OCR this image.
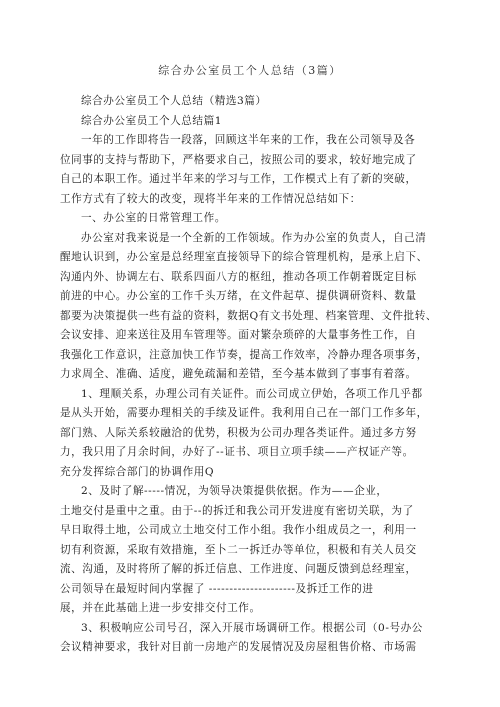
综合办公室员工个人总结（3篇）
综合办公室员工个人总结（精选3篇）
综合办公室员工个人总结篇1
一年的工作即将告一段落，回顾这半年来的工作，我在公司领导及各
位同事的支持与帮助下，严格要求自己，按照公司的要求，较好地完成了
自己的本职工作。通过半年来的学习与工作，工作模式上有了新的突破，
工作方式有了较大的改变，现将半年来的工作情况总结如下：
一、办公室的日常管理工作。
办公室对我来说是一个全新的工作领域。作为办公室的负责人，自己清
醒地认识到，办公室是总经理室直接领导下的综合管理机构，是承上启下、
沟通内外、协调左右、联系四面八方的枢纽，推动各项工作朝着既定目标
前进的中心。办公室的工作千头万绪，在文件起草、提供调研资料、数量
都要为决策提供一些有益的资料，数据Q有文书处理、档案管理、文件批转、
会议安排、迎来送往及用车管理等。面对繁杂琐碎的大量事务性工作，自
我强化工作意识，注意加快工作节奏，提高工作效率，冷静办理各项事务，
力求周全、准确、适度，避免疏漏和差错，至今基本做到了事事有着落。
1、理顺关系，办理公司有关证件。而公司成立伊始，各项工作几乎都
是从头开始，需要办理相关的手续及证件。我利用自己在一部门工作多年，
部门熟、人际关系较融洽的优势，积极为公司办理各类证件。通过多方努
力，我只用了月余时间，办好了--证书、项目立项手续——产权证产等。
充分发挥综合部门的协调作用Q
2、及时了解-----情况，为领导决策提供依据。作为——企业，
土地交付是重中之重。由于--的拆迁和我公司开发进度有密切关联，为了
早日取得土地，公司成立土地交付工作小组。我作小组成员之一，利用一
切有利资源，采取有效措施，至卜二一拆迁办等单位，积极和有关人员交
流、沟通，及时将所了解的拆迁信息、工作进度、问题反馈到总经理室，
公司领导在最短时间内掌握了 ---------------------及拆迁工作的进
展，并在此基础上进一步安排交付工作。
3、积极响应公司号召，深入开展市场调研工作。根据公司（0-号办公
会议精神要求，我针对目前一房地产的发展情况及房屋租售价格、市场需
